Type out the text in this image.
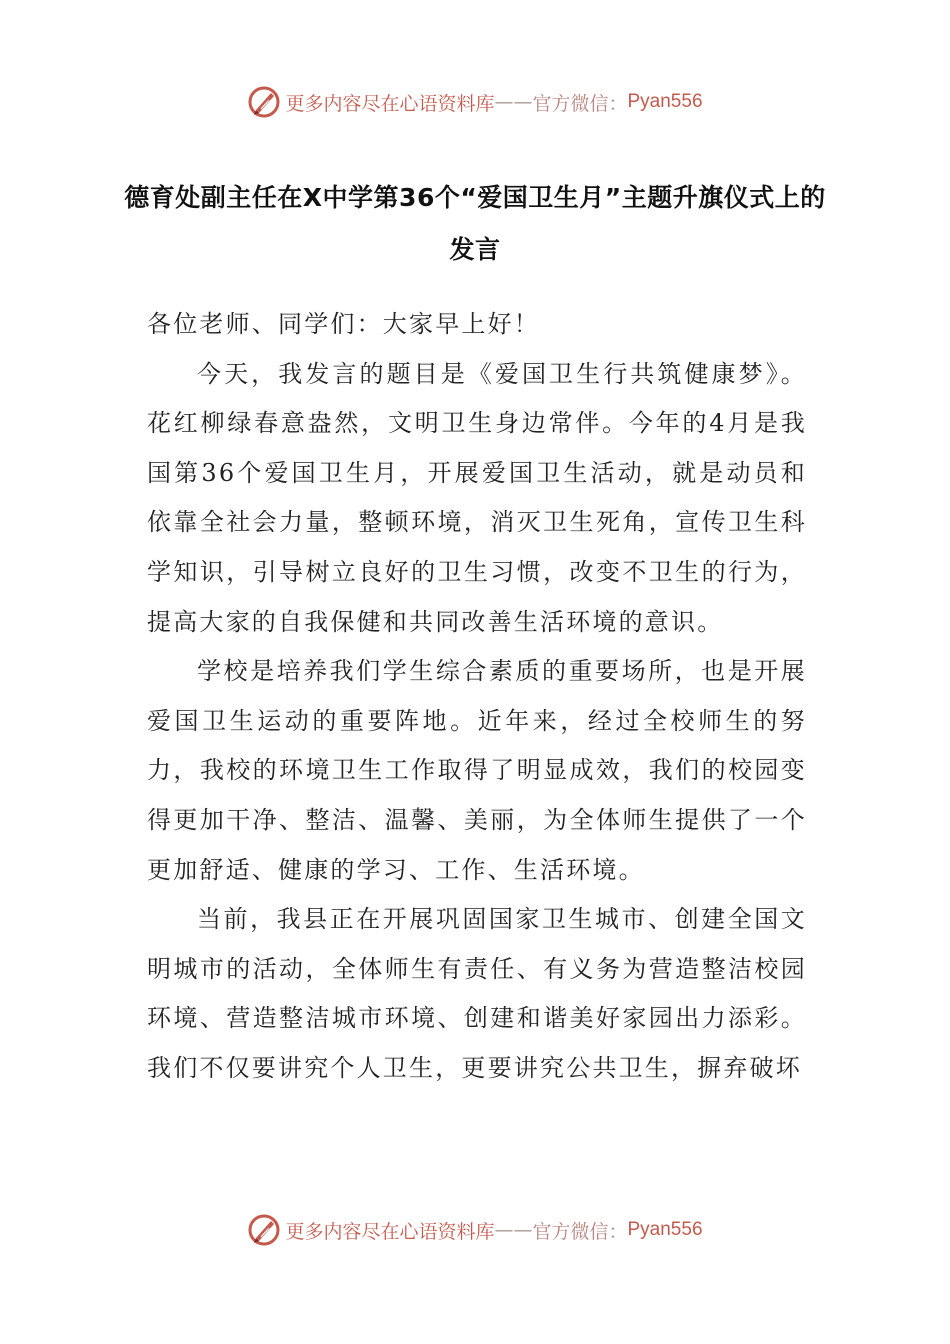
更多内容尽在心语资料库 —— 官方微信： Pyan556
德育处副主任在X中学第36个“爱国卫生月”主题升旗仪式上的发言

各位老师、同学们：大家早上好！

今天，我发言的题目是《爱国卫生行共筑健康梦》。花红柳绿春意盎然，文明卫生身边常伴。今年的4月是我国第36个爱国卫生月，开展爱国卫生活动，就是动员和依靠全社会力量，整顿环境，消灭卫生死角，宣传卫生科学知识，引导树立良好的卫生习惯，改变不卫生的行为，提高大家的自我保健和共同改善生活环境的意识。

学校是培养我们学生综合素质的重要场所，也是开展爱国卫生运动的重要阵地。近年来，经过全校师生的努力，我校的环境卫生工作取得了明显成效，我们的校园变得更加干净、整洁、温馨、美丽，为全体师生提供了一个更加舒适、健康的学习、工作、生活环境。

当前，我县正在开展巩固国家卫生城市、创建全国文明城市的活动，全体师生有责任、有义务为营造整洁校园环境、营造整洁城市环境、创建和谐美好家园出力添彩。我们不仅要讲究个人卫生，更要讲究公共卫生，摒弃破坏

更多内容尽在心语资料库 —— 官方微信： Pyan556
